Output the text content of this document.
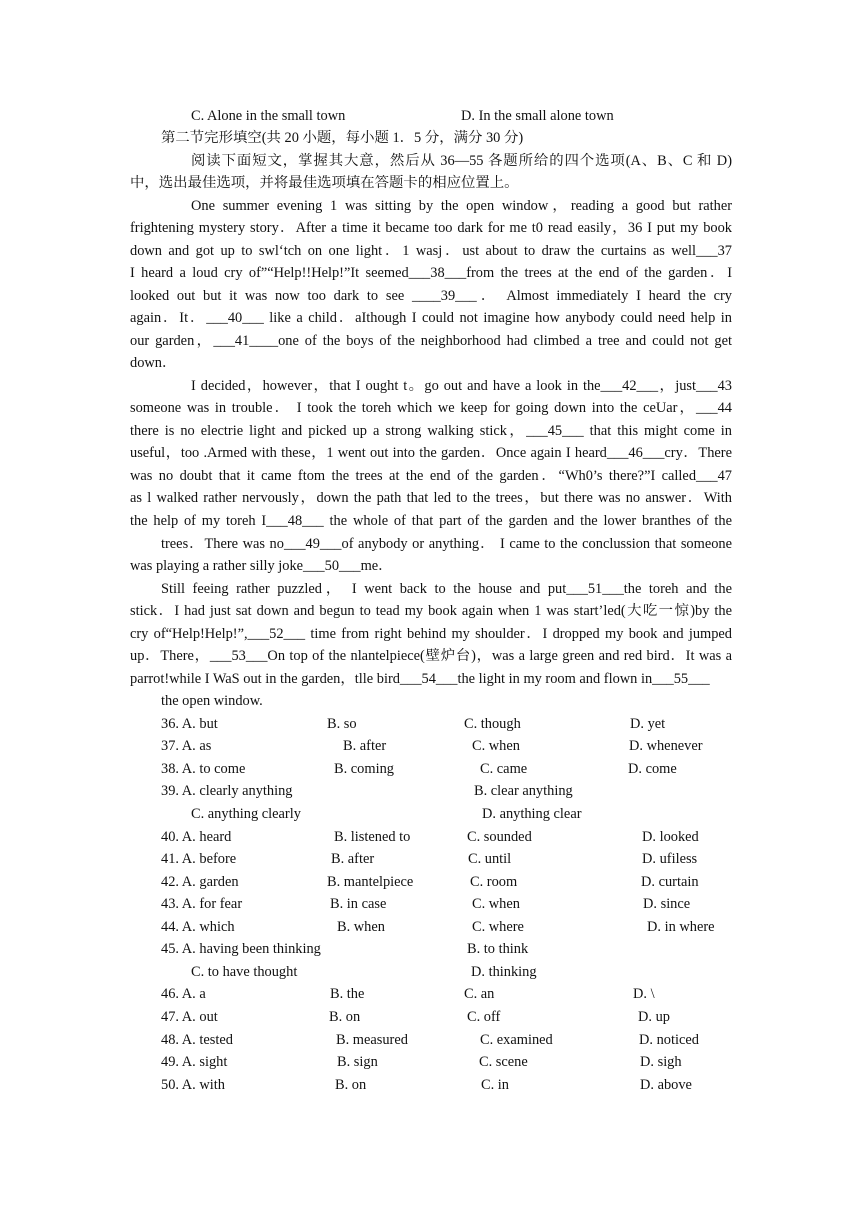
C. Alone in the small town	D. In the small alone town
第二节完形填空(共 20 小题，每小题 1．5 分，满分 30 分)
阅读下面短文，掌握其大意，然后从 36—55 各题所给的四个选项(A、B、C 和 D)
中，选出最佳选项，并将最佳选项填在答题卡的相应位置上。
One summer evening 1 was sitting by the open window，reading a good but rather
frightening mystery story．After a time it became too dark for me t0 read easily，36 I put my book
down and got up to swl‘tch on one light．1 wasj．ust about to draw the curtains as well___37
I heard a loud cry of”“Help!!Help!”It seemed___38___from the trees at the end of the garden．I
looked out but it was now too dark to see ____39___． Almost immediately I heard the cry
again．It．___40___ like a child．aIthough I could not imagine how anybody could need help in
our garden，___41____one of the boys of the neighborhood had climbed a tree and could not get
down．
I decided，however，that I ought t。go out and have a look in the___42___，just___43
someone was in trouble． I took the toreh which we keep for going down into the ceUar，___44
there is no electrie light and picked up a strong walking stick，___45___ that this might come in
useful，too .Armed with these，1 went out into the garden．Once again I heard___46___cry．There
was no doubt that it came ftom the trees at the end of the garden．“Wh0’s there?”I called___47
as l walked rather nervously，down the path that led to the trees，but there was no answer．With
the help of my toreh I___48___ the whole of that part of the garden and the lower branthes of the
trees．There was no___49___of anybody or anything． I came to the conclussion that someone
was playing a rather silly joke___50___me．
Still feeing rather puzzled， I went back to the house and put___51___the toreh and the
stick．I had just sat down and begun to tead my book again when 1 was start’led(大吃一惊)by the
cry of“Help!Help!”,___52___ time from right behind my shoulder．I dropped my book and jumped
up．There，___53___On top of the nlantelpiece(壁炉台)，was a large green and red bird．It was a
parrot!while I WaS out in the garden，tlle bird___54___the light in my room and flown in___55___
the open window.
36. A. but	B. so	C. though	D. yet
37. A. as	B. after	C. when	D. whenever
38. A. to come	B. coming	C. came	D. come
39. A. clearly anything	B. clear anything
C. anything clearly	D. anything clear
40. A. heard	B. listened to	C. sounded	D. looked
41. A. before	B. after	C. until	D. ufiless
42. A. garden	B. mantelpiece	C. room	D. curtain
43. A. for fear	B. in case	C. when	D. since
44. A. which	B. when	C. where	D. in where
45. A. having been thinking	B. to think
C. to have thought	D. thinking
46. A. a	B. the	C. an	D. \
47. A. out	B. on	C. off	D. up
48. A. tested	B. measured	C. examined	D. noticed
49. A. sight	B. sign	C. scene	D. sigh
50. A. with	B. on	C. in	D. above
